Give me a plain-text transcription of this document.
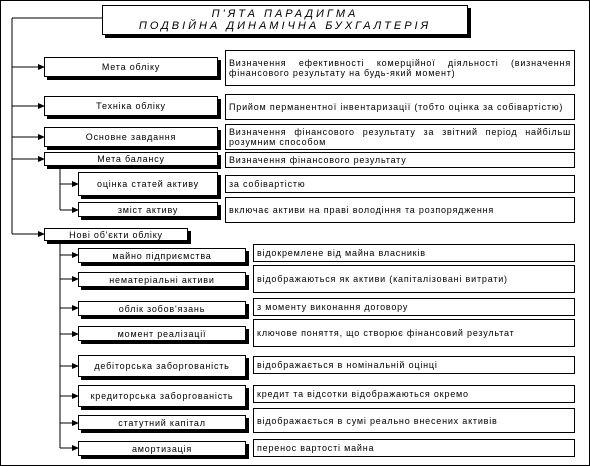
П'ЯТА ПАРАДИГМА
ПОДВІЙНА ДИНАМІЧНА БУХГАЛТЕРІЯ
Мета обліку	Визначення ефективності комерційної діяльності (визначення фінансового результату на будь-який момент)
Техніка обліку	Прийом перманентної інвентаризації (тобто оцінка за собівартістю)
Основне завдання	Визначення фінансового результату за звітний період найбільш розумним способом
Мета балансу	Визначення фінансового результату
оцінка статей активу	за собівартістю
зміст активу	включає активи на праві володіння та розпорядження
Нові об'єкти обліку
майно підприємства	відокремлене від майна власників
нематеріальні активи	відображаються як активи (капіталізовані витрати)
облік зобов'язань	з моменту виконання договору
момент реалізації	ключове поняття, що створює фінансовий результат
дебіторська заборгованість	відображається в номінальній оцінці
кредиторська заборгованість	кредит та відсотки відображаються окремо
статутний капітал	відображається в сумі реально внесених активів
амортизація	перенос вартості майна
